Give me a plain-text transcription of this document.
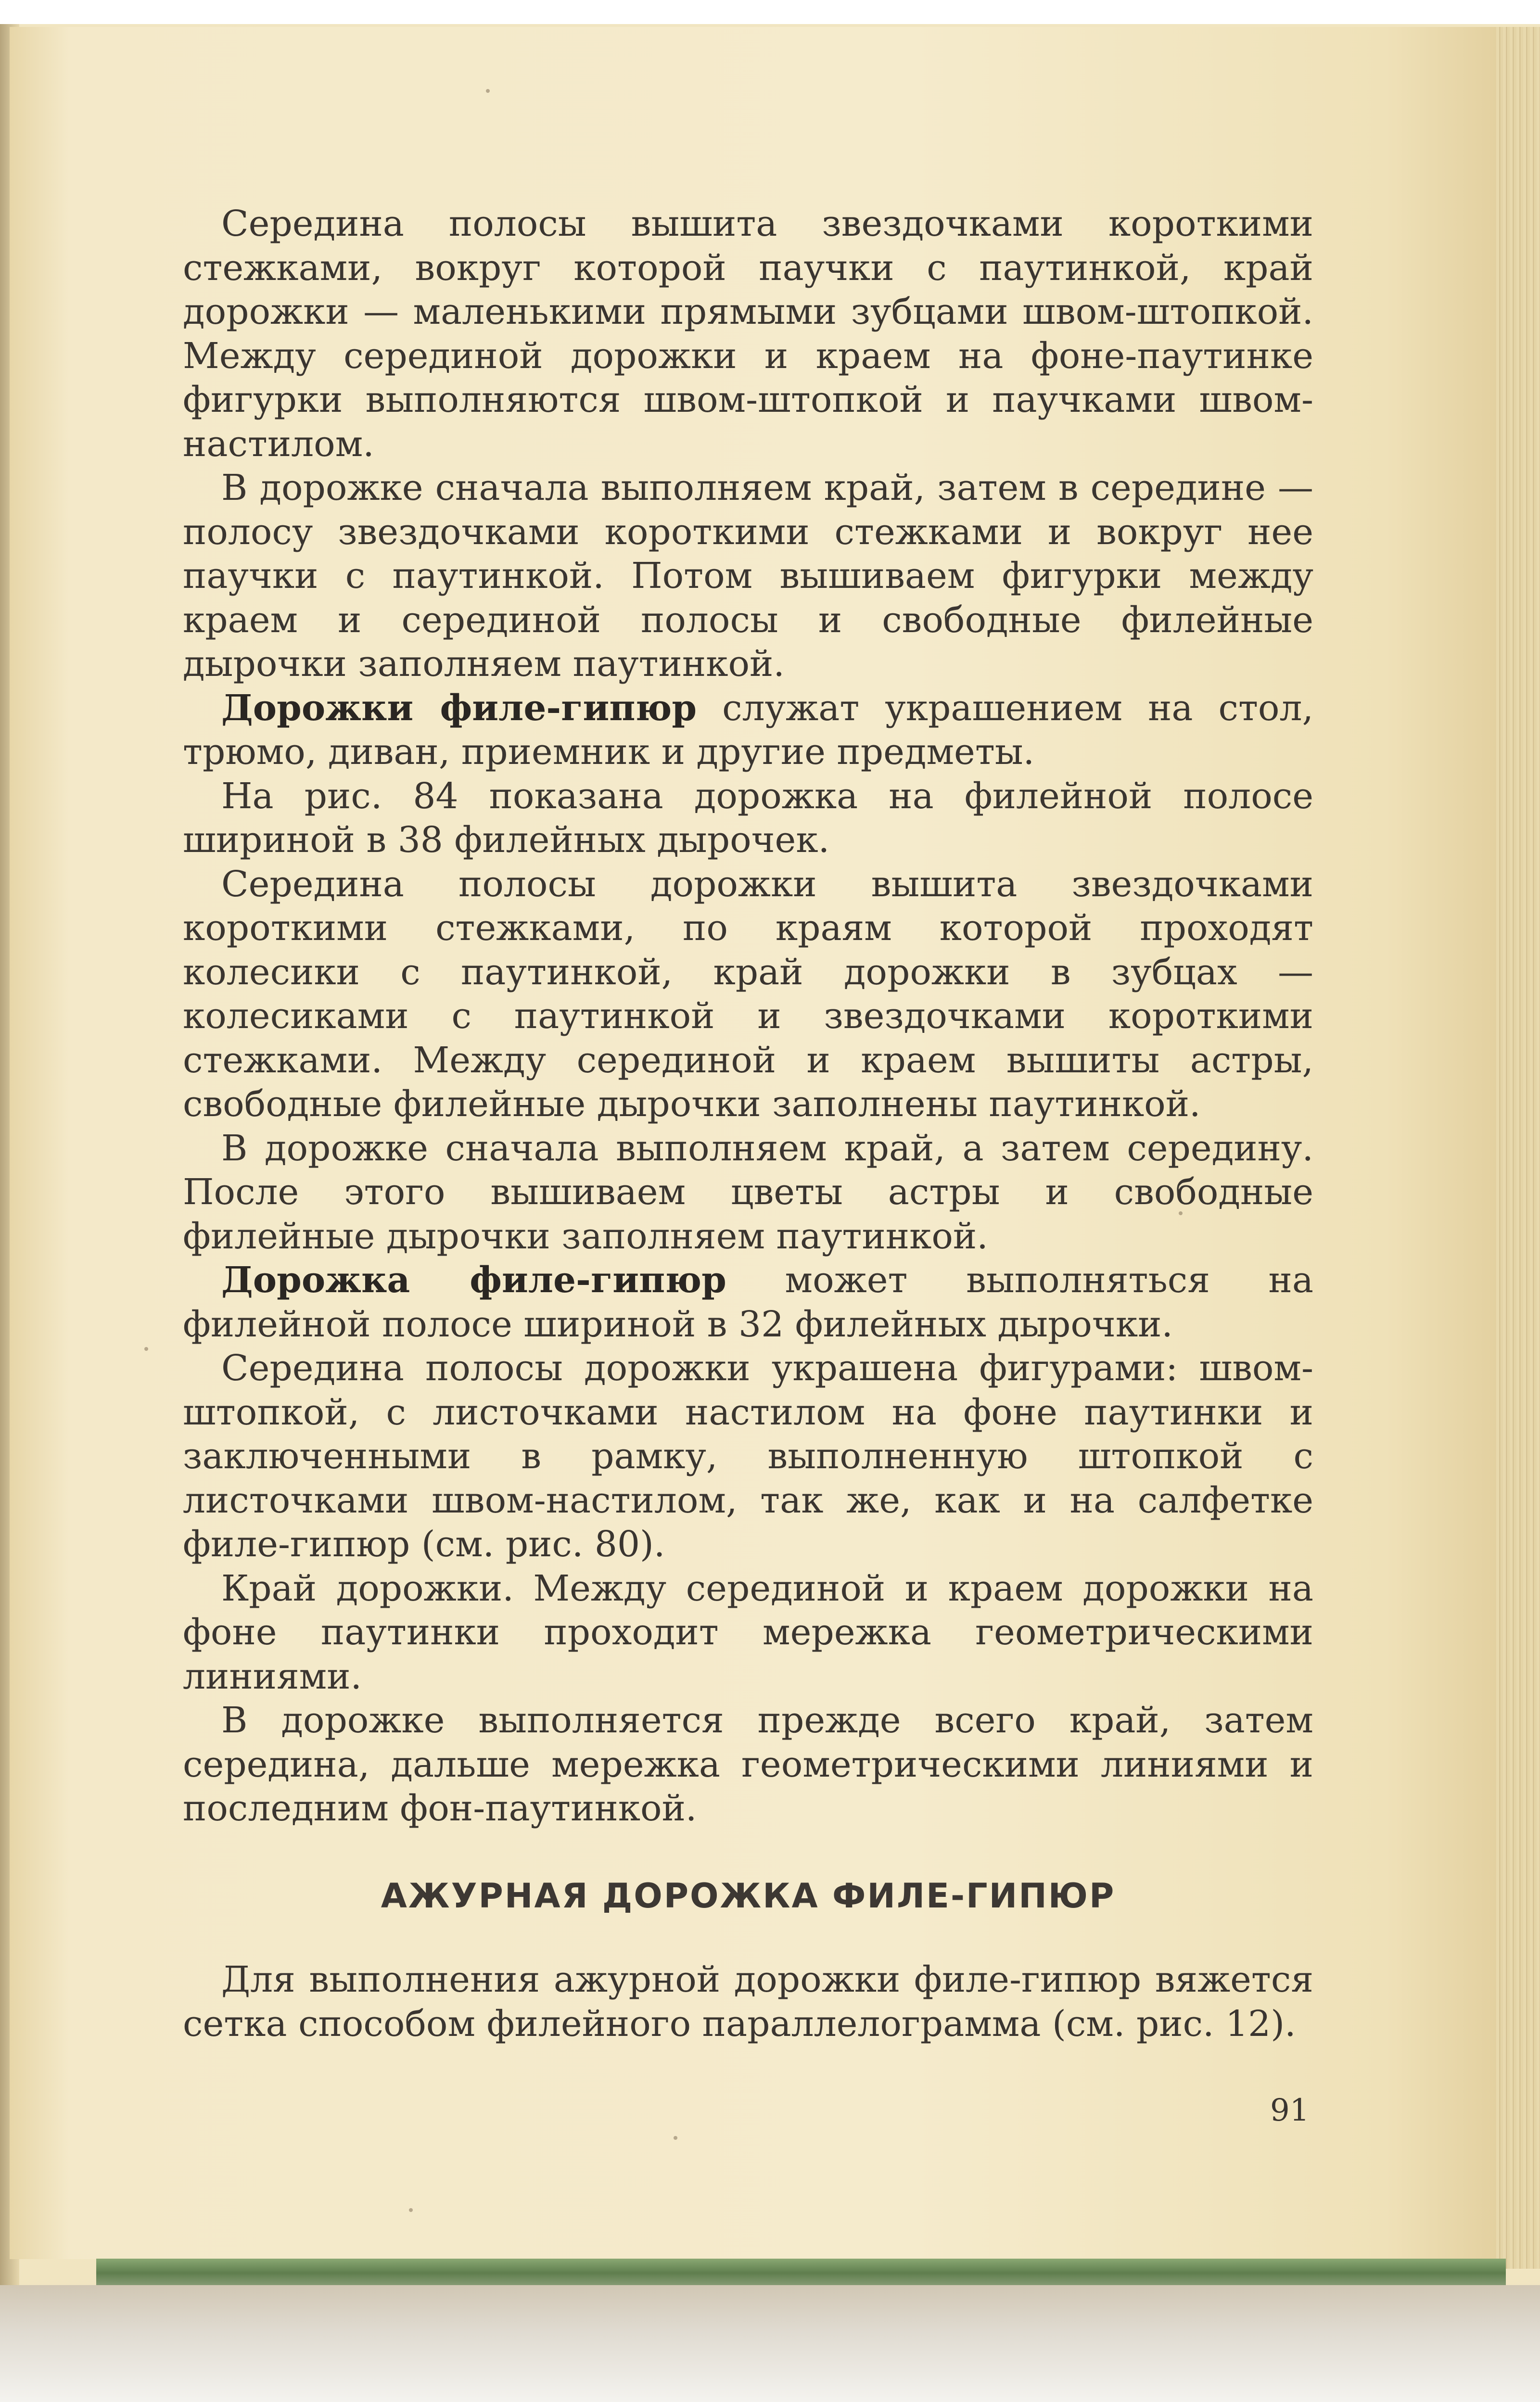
Середина полосы вышита звездочками короткими стежками, вокруг которой паучки с паутинкой, край дорожки — маленькими прямыми зубцами швом-штопкой. Между серединой дорожки и краем на фоне-паутинке фигурки выполняются швом-штопкой и паучками швом-настилом.

В дорожке сначала выполняем край, затем в середине — полосу звездочками короткими стежками и вокруг нее паучки с паутинкой. Потом вышиваем фигурки между краем и серединой полосы и свободные филейные дырочки заполняем паутинкой.

Дорожки филе-гипюр служат украшением на стол, трюмо, диван, приемник и другие предметы.

На рис. 84 показана дорожка на филейной полосе шириной в 38 филейных дырочек.

Середина полосы дорожки вышита звездочками короткими стежками, по краям которой проходят колесики с паутинкой, край дорожки в зубцах — колесиками с паутинкой и звездочками короткими стежками. Между серединой и краем вышиты астры, свободные филейные дырочки заполнены паутинкой.

В дорожке сначала выполняем край, а затем середину. После этого вышиваем цветы астры и свободные филейные дырочки заполняем паутинкой.

Дорожка филе-гипюр может выполняться на филейной полосе шириной в 32 филейных дырочки.

Середина полосы дорожки украшена фигурами: швом-штопкой, с листочками настилом на фоне паутинки и заключенными в рамку, выполненную штопкой с листочками швом-настилом, так же, как и на салфетке филе-гипюр (см. рис. 80).

Край дорожки. Между серединой и краем дорожки на фоне паутинки проходит мережка геометрическими линиями.

В дорожке выполняется прежде всего край, затем середина, дальше мережка геометрическими линиями и последним фон-паутинкой.

АЖУРНАЯ ДОРОЖКА ФИЛЕ-ГИПЮР

Для выполнения ажурной дорожки филе-гипюр вяжется сетка способом филейного параллелограмма (см. рис. 12).

91
